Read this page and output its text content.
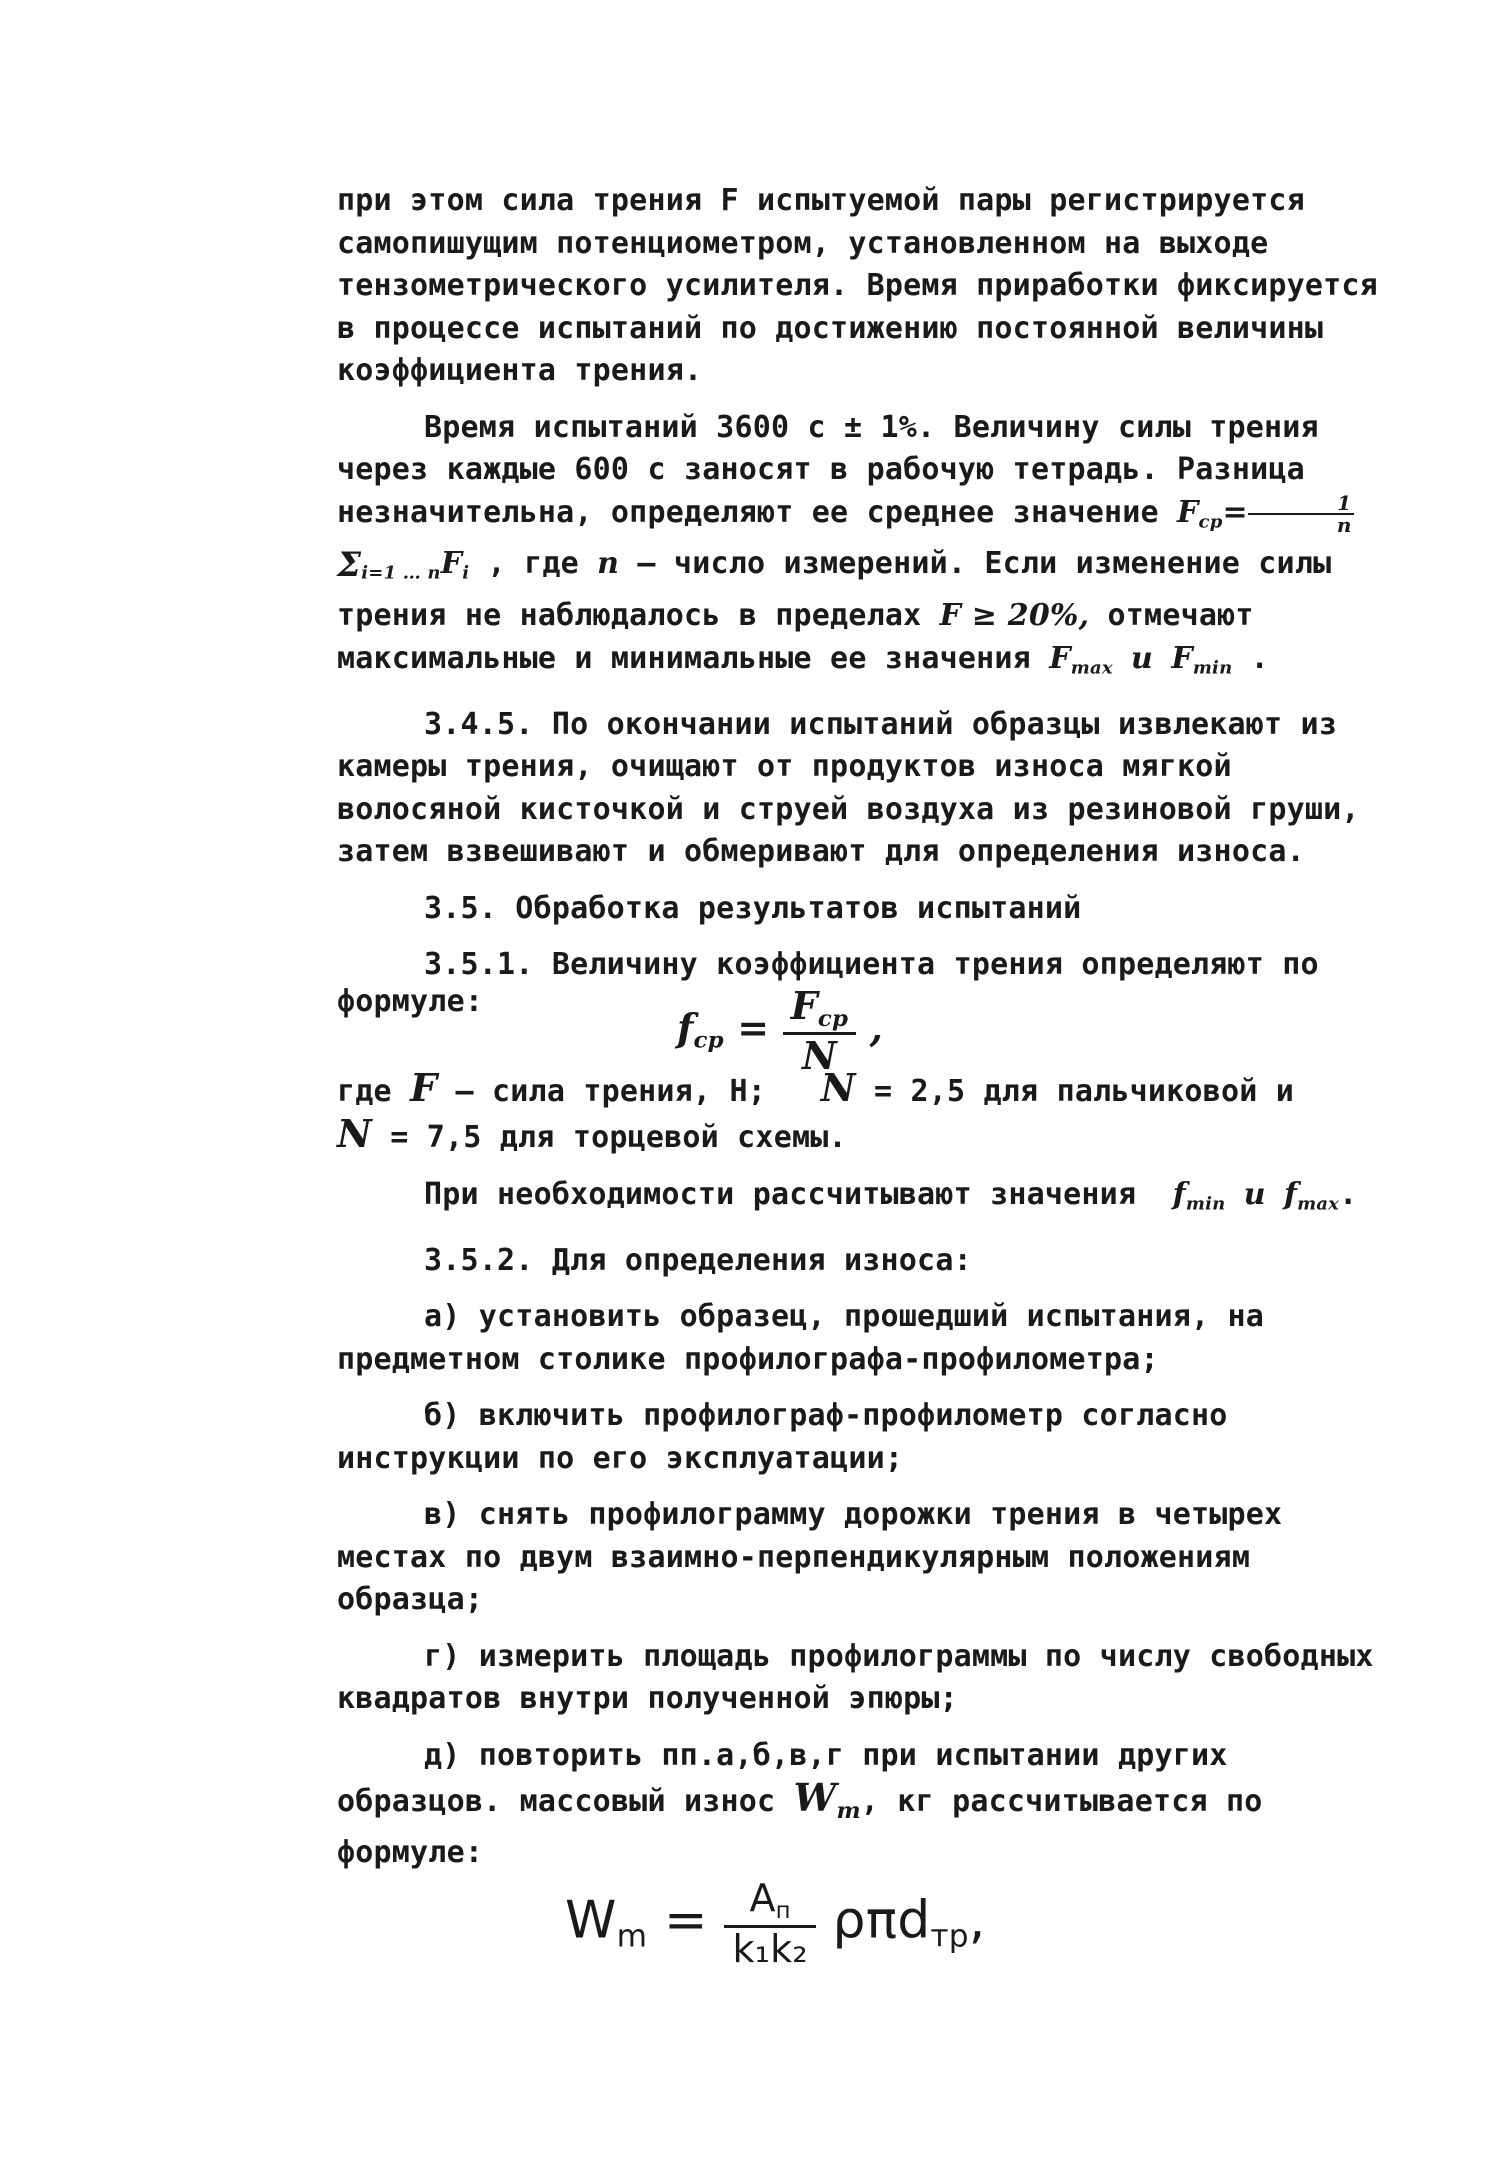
при этом сила трения F испытуемой пары регистрируется самопишущим потенциометром, установленном на выходе тензометрического усилителя. Время приработки фиксируется в процессе испытаний по достижению постоянной величины коэффициента трения.

Время испытаний 3600 с ± 1%. Величину силы трения через каждые 600 с заносят в рабочую тетрадь. Разница незначительна, определяют ее среднее значение $F_{ср}= \frac{1}{n}$
$\Sigma_{i=1 \dots n}F_i$ , где n – число измерений. Если изменение силы трения не наблюдалось в пределах F ≥ 20%, отмечают максимальные и минимальные ее значения $F_{max}$ и $F_{min}$ .

3.4.5. По окончании испытаний образцы извлекают из камеры трения, очищают от продуктов износа мягкой волосяной кисточкой и струей воздуха из резиновой груши, затем взвешивают и обмеривают для определения износа.

3.5. Обработка результатов испытаний

3.5.1. Величину коэффициента трения определяют по

формуле:
$f_{ср} = \frac{F_{ср}}{N}$ ,

где F – сила трения, Н; N = 2,5 для пальчиковой и

N = 7,5 для торцевой схемы.

При необходимости рассчитывают значения $f_{min}$ и $f_{max}$.

3.5.2. Для определения износа:

а) установить образец, прошедший испытания, на предметном столике профилографа-профилометра;

б) включить профилограф-профилометр согласно инструкции по его эксплуатации;

в) снять профилограмму дорожки трения в четырех местах по двум взаимно-перпендикулярным положениям образца;

г) измерить площадь профилограммы по числу свободных квадратов внутри полученной эпюры;

д) повторить пп.а,б,в,г при испытании других образцов. массовый износ $W_m$, кг рассчитывается по формуле:

$W_m = \frac{A_п}{\text{k₁k₂}} \rho\pi d_{тр}$,
